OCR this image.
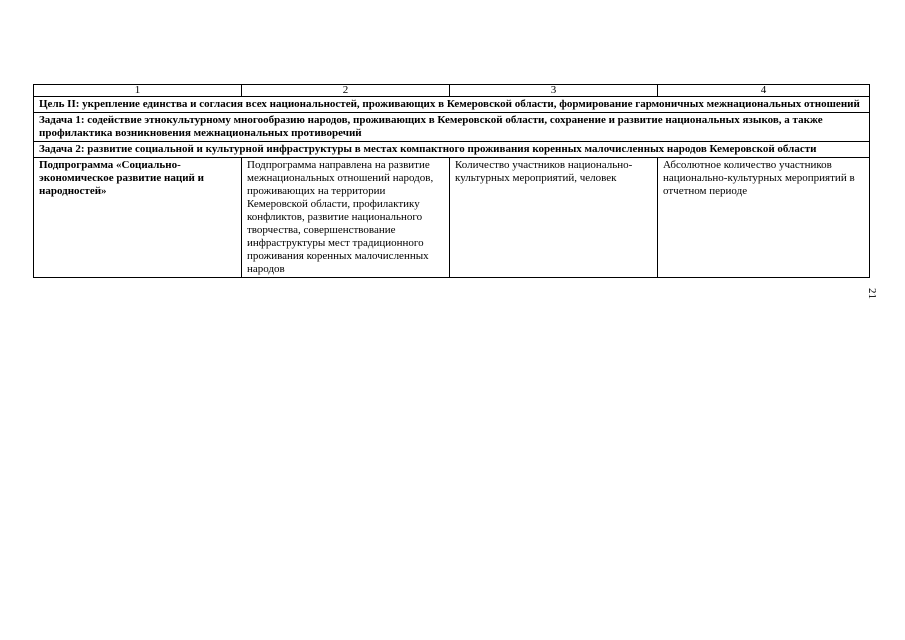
1	2	3	4
Цель II: укрепление единства и согласия всех национальностей, проживающих в Кемеровской области, формирование гармоничных межнациональных отношений			
Задача 1: содействие этнокультурному многообразию народов, проживающих в Кемеровской области, сохранение и развитие национальных языков, а также профилактика возникновения межнациональных противоречий			
Задача 2: развитие социальной и культурной инфраструктуры в местах компактного проживания коренных малочисленных народов Кемеровской области			
Подпрограмма «Социально-экономическое развитие наций и народностей»	Подпрограмма направлена на развитие межнациональных отношений народов, проживающих на территории Кемеровской области, профилактику конфликтов, развитие национального творчества, совершенствование инфраструктуры мест традиционного проживания коренных малочисленных народов	Количество участников национально-культурных мероприятий, человек	Абсолютное количество участников национально-культурных мероприятий в отчетном периоде
21
